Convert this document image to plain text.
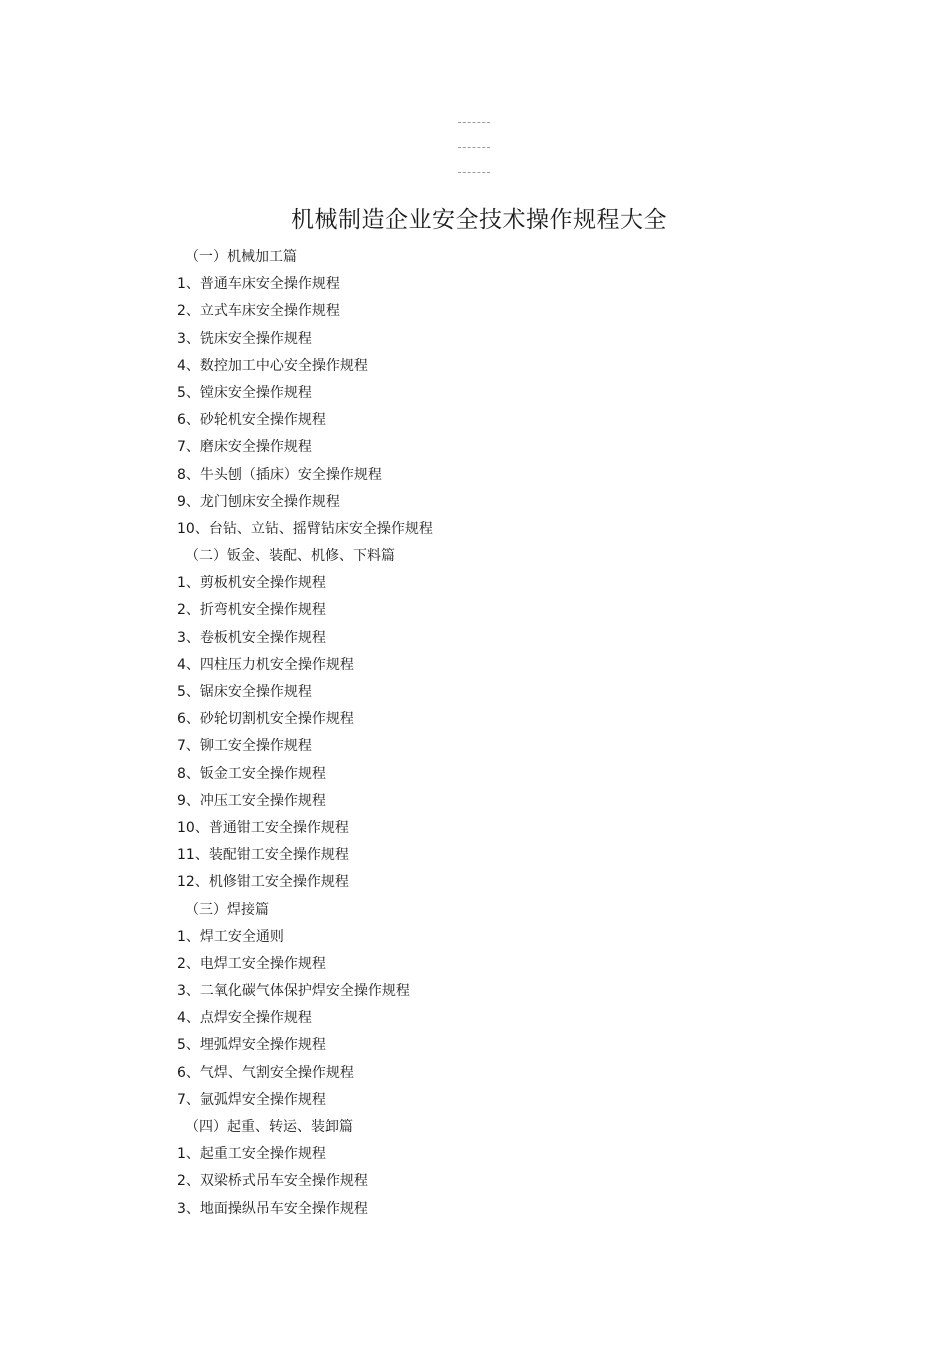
机械制造企业安全技术操作规程大全
（一）机械加工篇
1、普通车床安全操作规程
2、立式车床安全操作规程
3、铣床安全操作规程
4、数控加工中心安全操作规程
5、镗床安全操作规程
6、砂轮机安全操作规程
7、磨床安全操作规程
8、牛头刨（插床）安全操作规程
9、龙门刨床安全操作规程
10、台钻、立钻、摇臂钻床安全操作规程
（二）钣金、装配、机修、下料篇
1、剪板机安全操作规程
2、折弯机安全操作规程
3、卷板机安全操作规程
4、四柱压力机安全操作规程
5、锯床安全操作规程
6、砂轮切割机安全操作规程
7、铆工安全操作规程
8、钣金工安全操作规程
9、冲压工安全操作规程
10、普通钳工安全操作规程
11、装配钳工安全操作规程
12、机修钳工安全操作规程
（三）焊接篇
1、焊工安全通则
2、电焊工安全操作规程
3、二氧化碳气体保护焊安全操作规程
4、点焊安全操作规程
5、埋弧焊安全操作规程
6、气焊、气割安全操作规程
7、氩弧焊安全操作规程
（四）起重、转运、装卸篇
1、起重工安全操作规程
2、双梁桥式吊车安全操作规程
3、地面操纵吊车安全操作规程
